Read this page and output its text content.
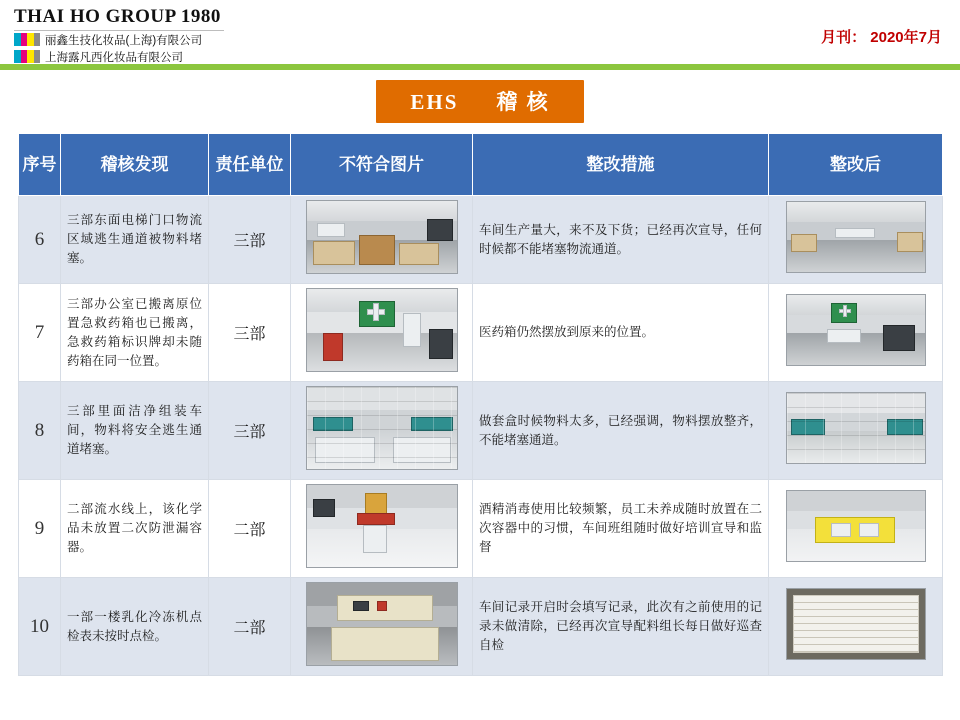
THAI HO GROUP 1980
丽鑫生技化妆品(上海)有限公司
上海露凡西化妆品有限公司
月刊： 2020年7月
EHS 稽 核
序号	稽核发现	责任单位	不符合图片	整改措施	整改后
6	三部东面电梯门口物流区域逃生通道被物料堵塞。	三部		车间生产量大，来不及下货；已经再次宣导，任何时候都不能堵塞物流通道。	

7	三部办公室已搬离原位置急救药箱也已搬离，急救药箱标识牌却未随药箱在同一位置。	三部		医药箱仍然摆放到原来的位置。	

8	三部里面洁净组装车间，物料将安全逃生通道堵塞。	三部		做套盒时候物料太多，已经强调，物料摆放整齐，不能堵塞通道。	

9	二部流水线上，该化学品未放置二次防泄漏容器。	二部		酒精消毒使用比较频繁，员工未养成随时放置在二次容器中的习惯，车间班组随时做好培训宣导和监督	

10	一部一楼乳化冷冻机点检表未按时点检。	二部		车间记录开启时会填写记录，此次有之前使用的记录未做清除，已经再次宣导配料组长每日做好巡查自检	
